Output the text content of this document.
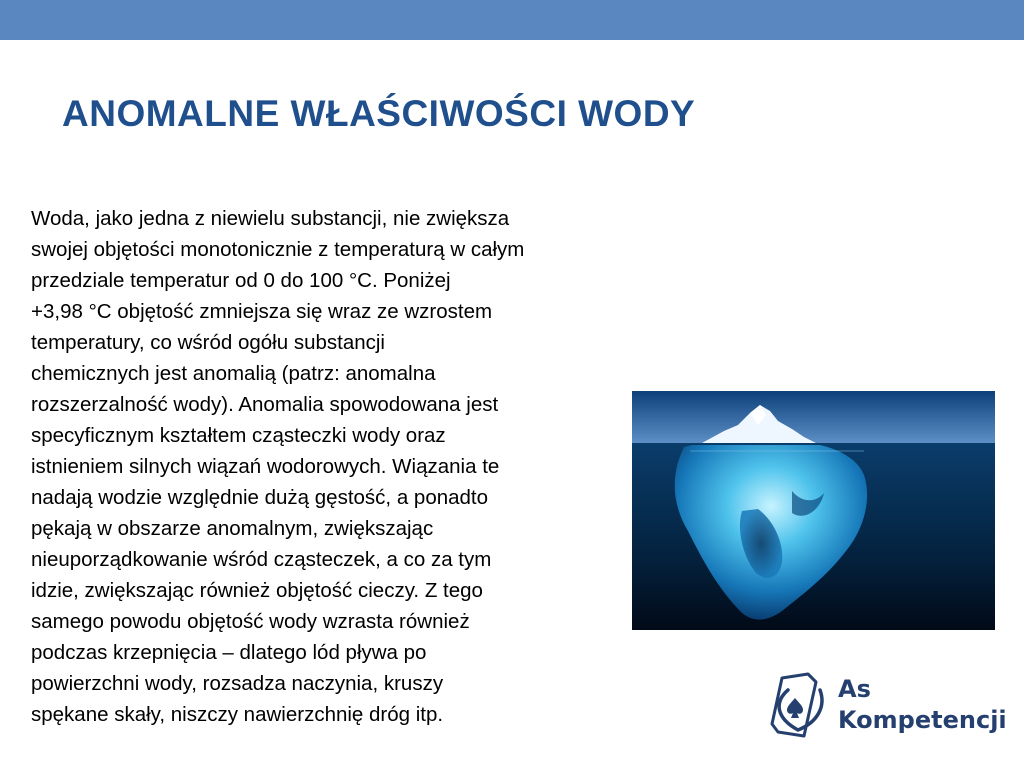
ANOMALNE WŁAŚCIWOŚCI WODY
Woda, jako jedna z niewielu substancji, nie zwiększa
swojej objętości monotonicznie z temperaturą w całym
przedziale temperatur od 0 do 100 °C. Poniżej
+3,98 °C objętość zmniejsza się wraz ze wzrostem
temperatury, co wśród ogółu substancji
chemicznych jest anomalią (patrz: anomalna
rozszerzalność wody). Anomalia spowodowana jest
specyficznym kształtem cząsteczki wody oraz
istnieniem silnych wiązań wodorowych. Wiązania te
nadają wodzie względnie dużą gęstość, a ponadto
pękają w obszarze anomalnym, zwiększając
nieuporządkowanie wśród cząsteczek, a co za tym
idzie, zwiększając również objętość cieczy. Z tego
samego powodu objętość wody wzrasta również
podczas krzepnięcia – dlatego lód pływa po
powierzchni wody, rozsadza naczynia, kruszy
spękane skały, niszczy nawierzchnię dróg itp.
As
Kompetencji
